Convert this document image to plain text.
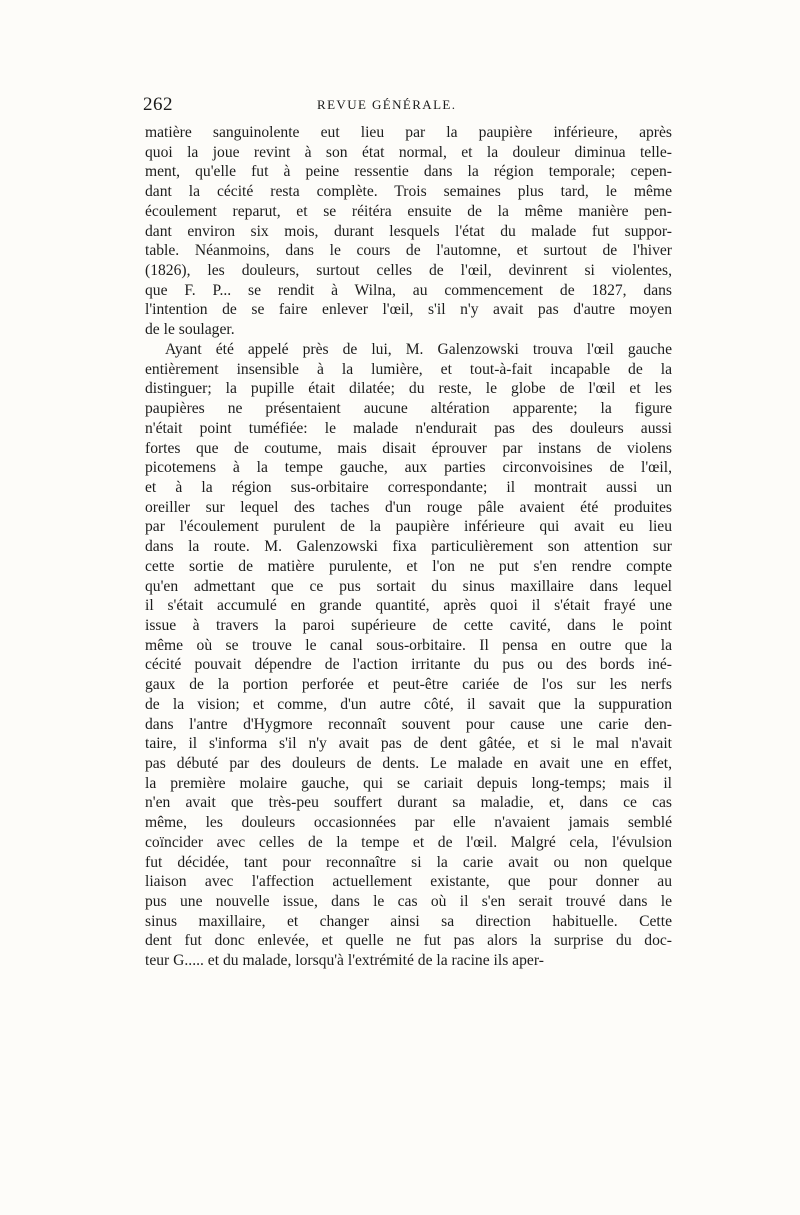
262	REVUE GÉNÉRALE.
matière sanguinolente eut lieu par la paupière inférieure, après
quoi la joue revint à son état normal, et la douleur diminua telle-
ment, qu'elle fut à peine ressentie dans la région temporale; cepen-
dant la cécité resta complète. Trois semaines plus tard, le même
écoulement reparut, et se réitéra ensuite de la même manière pen-
dant environ six mois, durant lesquels l'état du malade fut suppor-
table. Néanmoins, dans le cours de l'automne, et surtout de l'hiver
(1826), les douleurs, surtout celles de l'œil, devinrent si violentes,
que F. P... se rendit à Wilna, au commencement de 1827, dans
l'intention de se faire enlever l'œil, s'il n'y avait pas d'autre moyen
de le soulager.
Ayant été appelé près de lui, M. Galenzowski trouva l'œil gauche
entièrement insensible à la lumière, et tout-à-fait incapable de la
distinguer; la pupille était dilatée; du reste, le globe de l'œil et les
paupières ne présentaient aucune altération apparente; la figure
n'était point tuméfiée: le malade n'endurait pas des douleurs aussi
fortes que de coutume, mais disait éprouver par instans de violens
picotemens à la tempe gauche, aux parties circonvoisines de l'œil,
et à la région sus-orbitaire correspondante; il montrait aussi un
oreiller sur lequel des taches d'un rouge pâle avaient été produites
par l'écoulement purulent de la paupière inférieure qui avait eu lieu
dans la route. M. Galenzowski fixa particulièrement son attention sur
cette sortie de matière purulente, et l'on ne put s'en rendre compte
qu'en admettant que ce pus sortait du sinus maxillaire dans lequel
il s'était accumulé en grande quantité, après quoi il s'était frayé une
issue à travers la paroi supérieure de cette cavité, dans le point
même où se trouve le canal sous-orbitaire. Il pensa en outre que la
cécité pouvait dépendre de l'action irritante du pus ou des bords iné-
gaux de la portion perforée et peut-être cariée de l'os sur les nerfs
de la vision; et comme, d'un autre côté, il savait que la suppuration
dans l'antre d'Hygmore reconnaît souvent pour cause une carie den-
taire, il s'informa s'il n'y avait pas de dent gâtée, et si le mal n'avait
pas débuté par des douleurs de dents. Le malade en avait une en effet,
la première molaire gauche, qui se cariait depuis long-temps; mais il
n'en avait que très-peu souffert durant sa maladie, et, dans ce cas
même, les douleurs occasionnées par elle n'avaient jamais semblé
coïncider avec celles de la tempe et de l'œil. Malgré cela, l'évulsion
fut décidée, tant pour reconnaître si la carie avait ou non quelque
liaison avec l'affection actuellement existante, que pour donner au
pus une nouvelle issue, dans le cas où il s'en serait trouvé dans le
sinus maxillaire, et changer ainsi sa direction habituelle. Cette
dent fut donc enlevée, et quelle ne fut pas alors la surprise du doc-
teur G..... et du malade, lorsqu'à l'extrémité de la racine ils aper-
